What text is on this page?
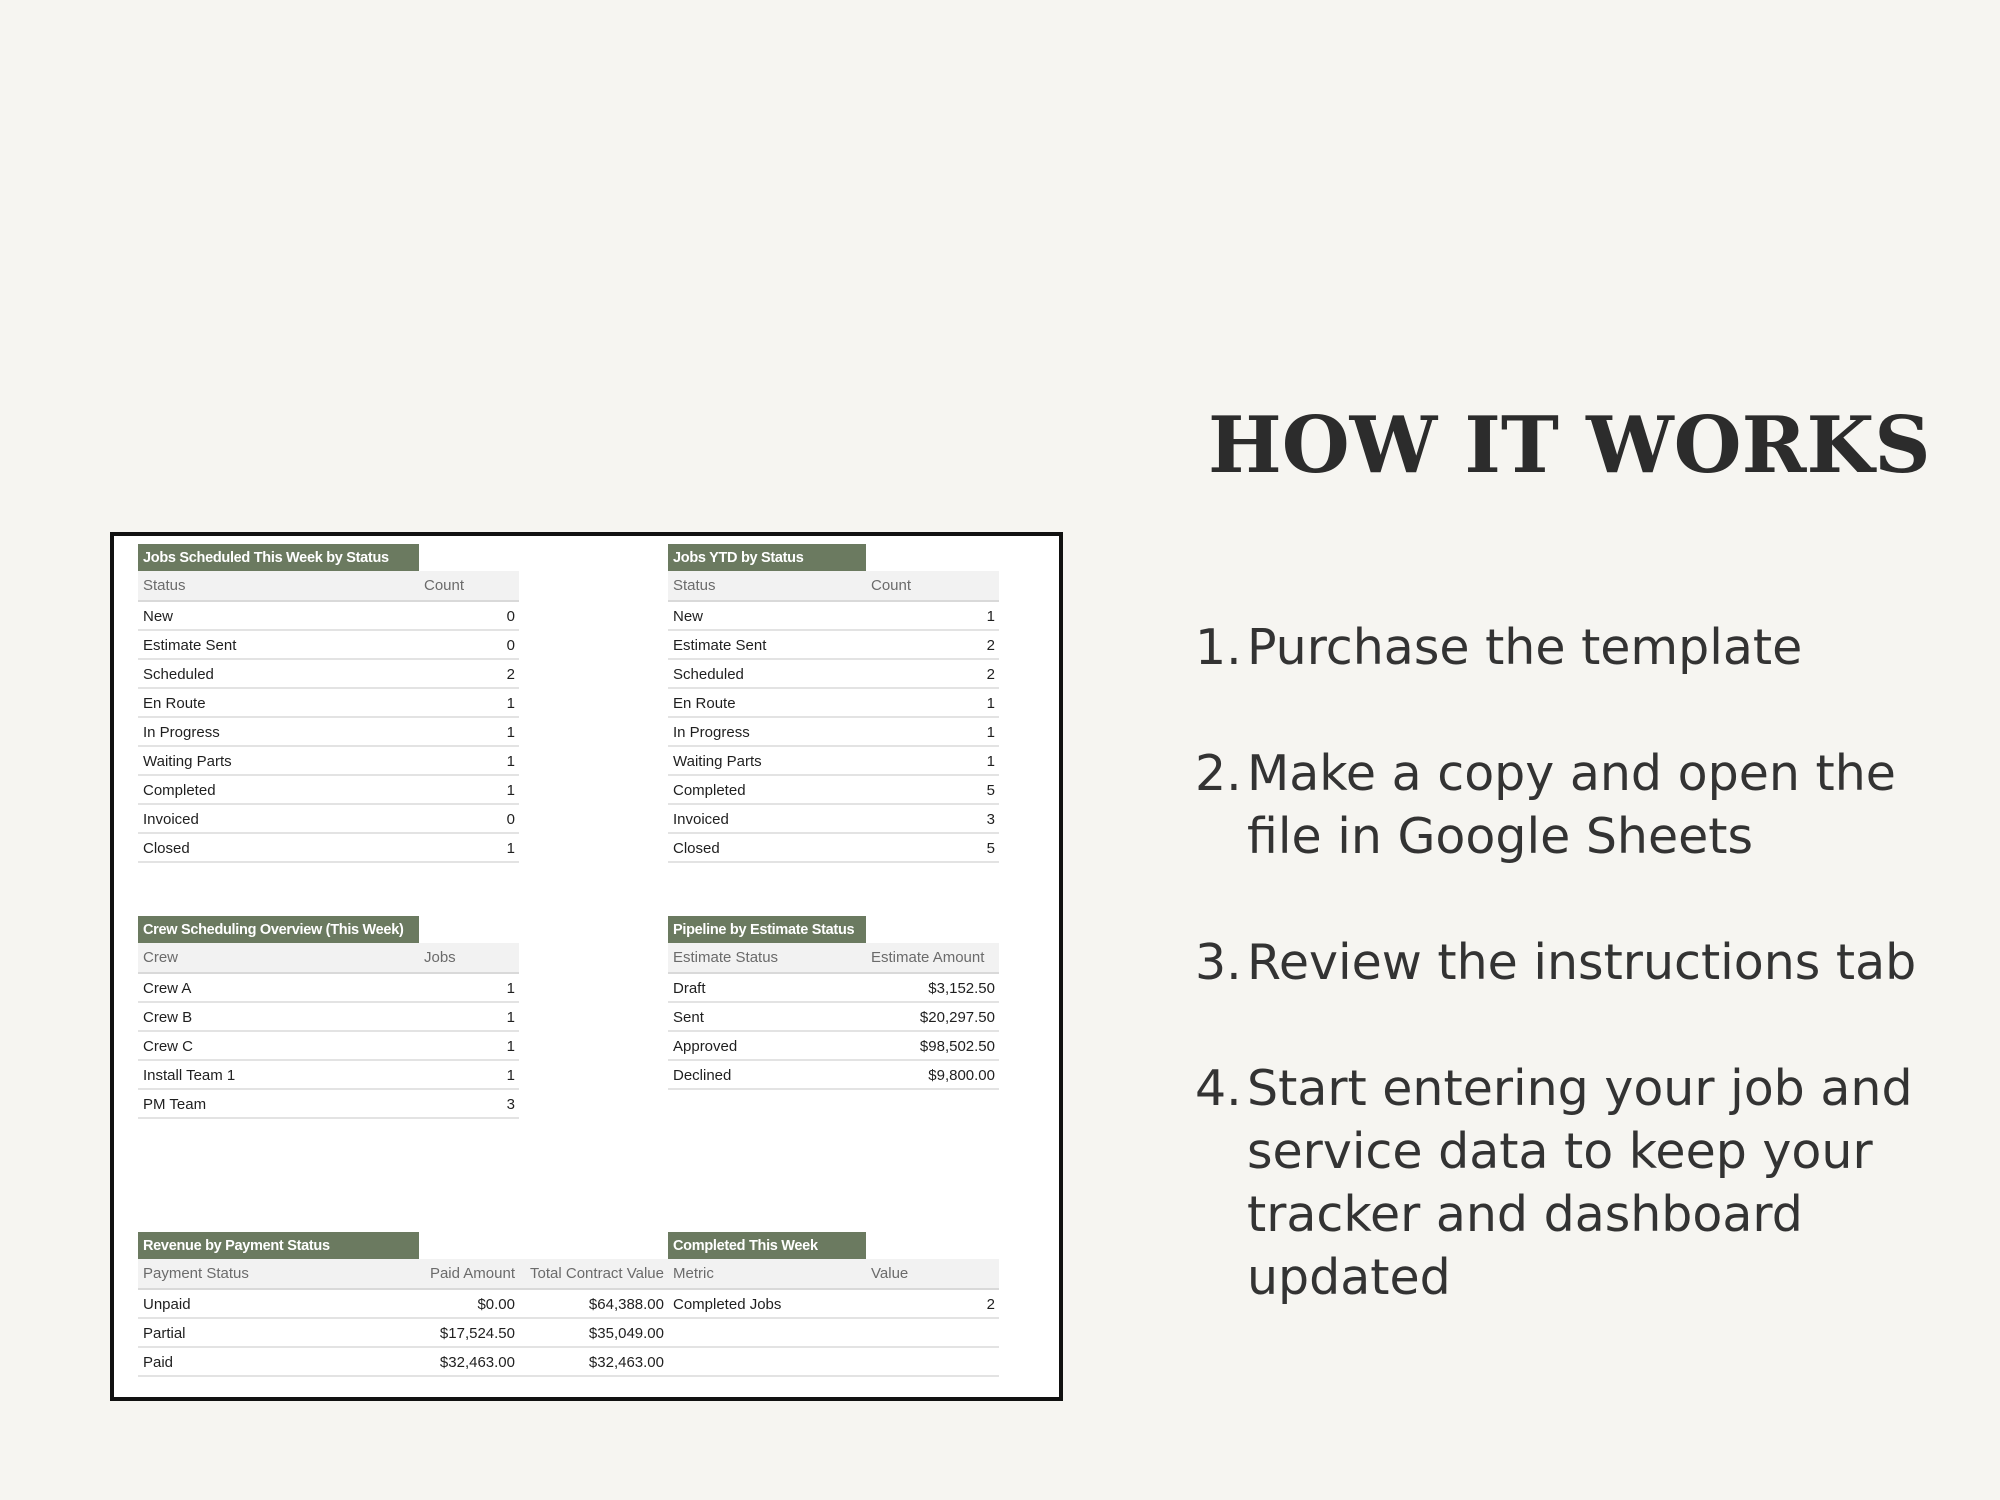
Jobs Scheduled This Week by Status
Status	Count
New	0
Estimate Sent	0
Scheduled	2
En Route	1
In Progress	1
Waiting Parts	1
Completed	1
Invoiced	0
Closed	1
Jobs YTD by Status
Status	Count
New	1
Estimate Sent	2
Scheduled	2
En Route	1
In Progress	1
Waiting Parts	1
Completed	5
Invoiced	3
Closed	5
Crew Scheduling Overview (This Week)
Crew	Jobs
Crew A	1
Crew B	1
Crew C	1
Install Team 1	1
PM Team	3
Pipeline by Estimate Status
Estimate Status	Estimate Amount
Draft	$3,152.50
Sent	$20,297.50
Approved	$98,502.50
Declined	$9,800.00
Revenue by Payment Status
Payment Status	Paid Amount	Total Contract Value
Unpaid	$0.00	$64,388.00
Partial	$17,524.50	$35,049.00
Paid	$32,463.00	$32,463.00
Completed This Week
Metric	Value
Completed Jobs	2
HOW IT WORKS
1. Purchase the template
2. Make a copy and open the file in Google Sheets
3. Review the instructions tab
4. Start entering your job and service data to keep your tracker and dashboard updated
